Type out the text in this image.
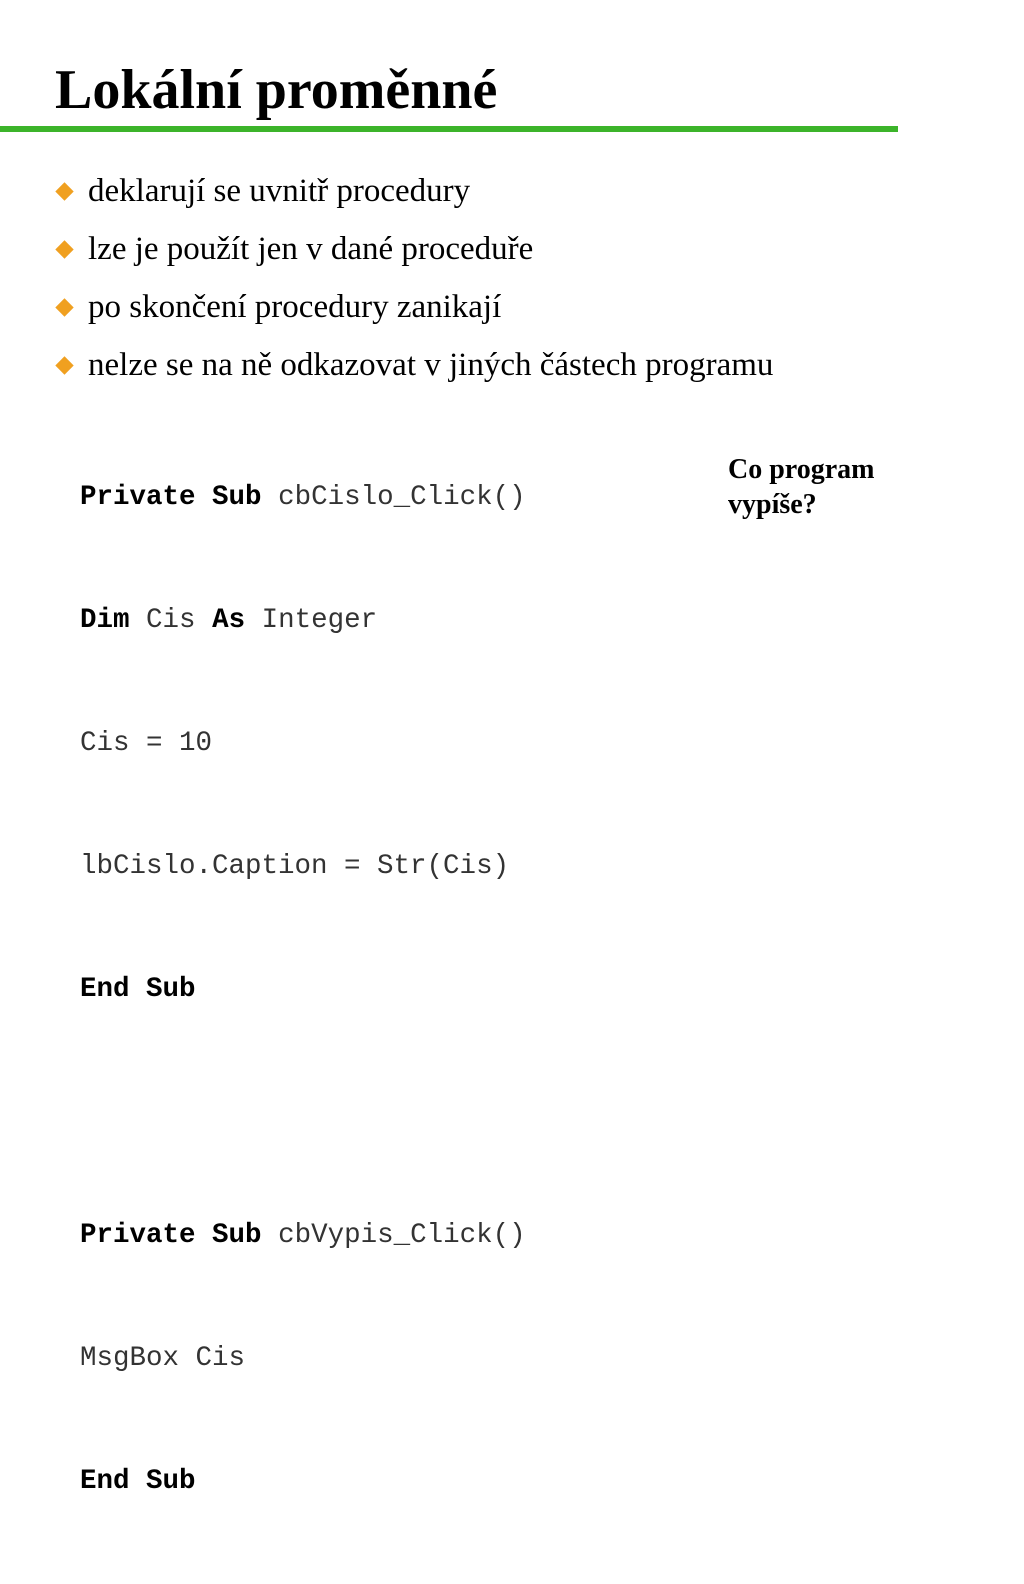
Lokální proměnné
deklarují se uvnitř procedury
lze je použít jen v dané proceduře
po skončení procedury zanikají
nelze se na ně odkazovat v jiných částech programu

Private Sub cbCislo_Click()

Dim Cis As Integer

Cis = 10

lbCislo.Caption = Str(Cis)

End Sub

Private Sub cbVypis_Click()

MsgBox Cis

End Sub

Co program vypíše?
